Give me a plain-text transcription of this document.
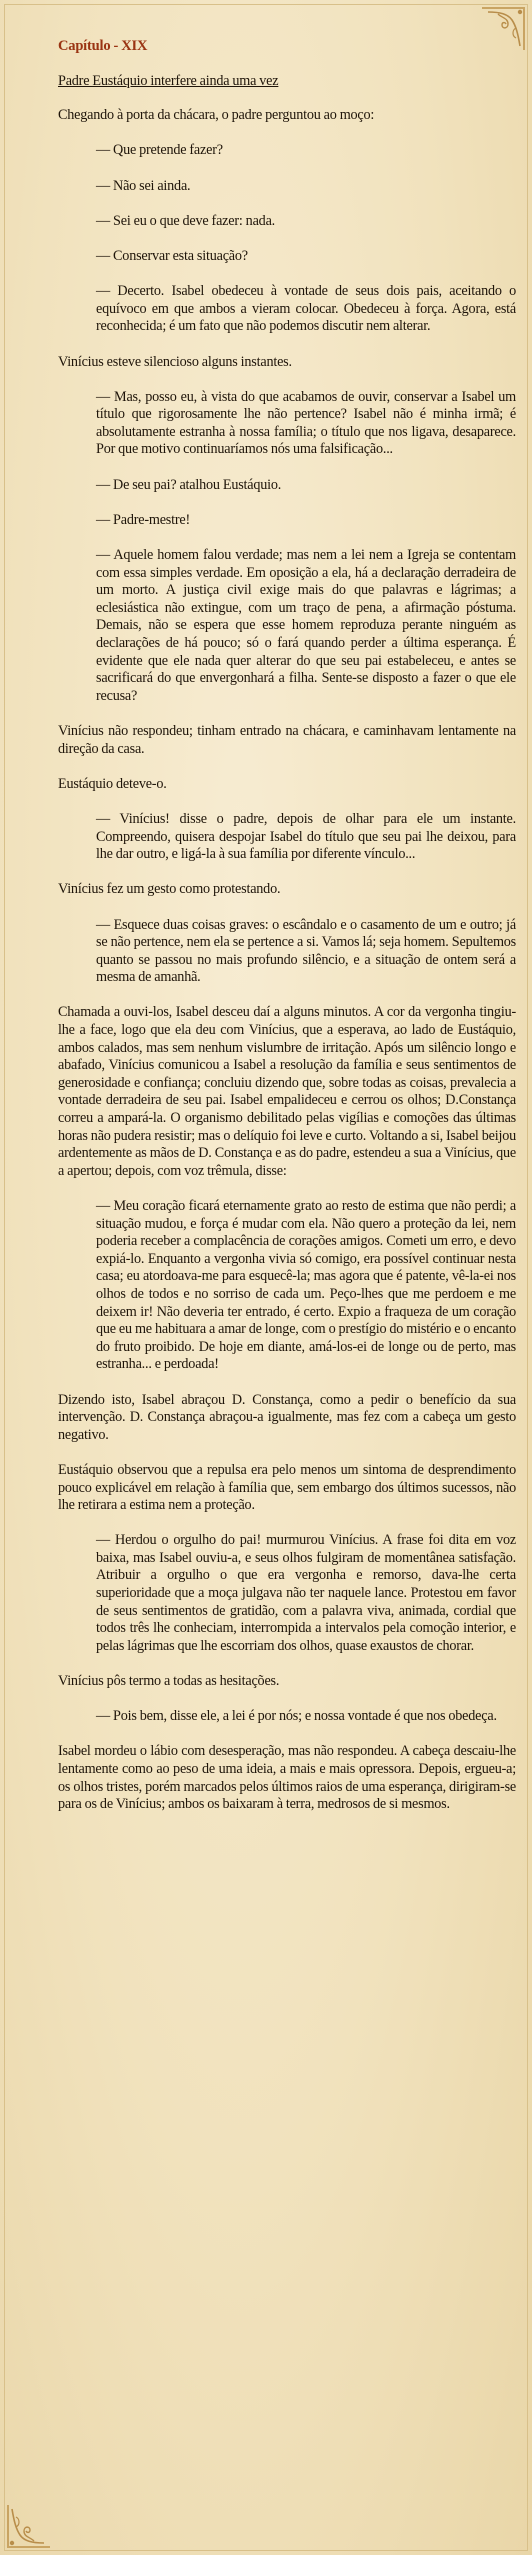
Capítulo - XIX
Padre Eustáquio interfere ainda uma vez

Chegando à porta da chácara, o padre perguntou ao moço:

— Que pretende fazer?

— Não sei ainda.

— Sei eu o que deve fazer: nada.

— Conservar esta situação?

— Decerto. Isabel obedeceu à vontade de seus dois pais, aceitando o equívoco em que ambos a vieram colocar. Obedeceu à força. Agora, está reconhecida; é um fato que não podemos discutir nem alterar.

Vinícius esteve silencioso alguns instantes.

— Mas, posso eu, à vista do que acabamos de ouvir, conservar a Isabel um título que rigorosamente lhe não pertence? Isabel não é minha irmã; é absolutamente estranha à nossa família; o título que nos ligava, desaparece. Por que motivo continuaríamos nós uma falsificação...

— De seu pai? atalhou Eustáquio.

— Padre-mestre!

— Aquele homem falou verdade; mas nem a lei nem a Igreja se contentam com essa simples verdade. Em oposição a ela, há a declaração derradeira de um morto. A justiça civil exige mais do que palavras e lágrimas; a eclesiástica não extingue, com um traço de pena, a afirmação póstuma. Demais, não se espera que esse homem reproduza perante ninguém as declarações de há pouco; só o fará quando perder a última esperança. É evidente que ele nada quer alterar do que seu pai estabeleceu, e antes se sacrificará do que envergonhará a filha. Sente-se disposto a fazer o que ele recusa?

Vinícius não respondeu; tinham entrado na chácara, e caminhavam lentamente na direção da casa.

Eustáquio deteve-o.

— Vinícius! disse o padre, depois de olhar para ele um instante. Compreendo, quisera despojar Isabel do título que seu pai lhe deixou, para lhe dar outro, e ligá-la à sua família por diferente vínculo...

Vinícius fez um gesto como protestando.

— Esquece duas coisas graves: o escândalo e o casamento de um e outro; já se não pertence, nem ela se pertence a si. Vamos lá; seja homem. Sepultemos quanto se passou no mais profundo silêncio, e a situação de ontem será a mesma de amanhã.

Chamada a ouvi-los, Isabel desceu daí a alguns minutos. A cor da vergonha tingiu-lhe a face, logo que ela deu com Vinícius, que a esperava, ao lado de Eustáquio, ambos calados, mas sem nenhum vislumbre de irritação. Após um silêncio longo e abafado, Vinícius comunicou a Isabel a resolução da família e seus sentimentos de generosidade e confiança; concluiu dizendo que, sobre todas as coisas, prevalecia a vontade derradeira de seu pai. Isabel empalideceu e cerrou os olhos; D.Constança correu a ampará-la. O organismo debilitado pelas vigílias e comoções das últimas horas não pudera resistir; mas o delíquio foi leve e curto. Voltando a si, Isabel beijou ardentemente as mãos de D. Constança e as do padre, estendeu a sua a Vinícius, que a apertou; depois, com voz trêmula, disse:

— Meu coração ficará eternamente grato ao resto de estima que não perdi; a situação mudou, e força é mudar com ela. Não quero a proteção da lei, nem poderia receber a complacência de corações amigos. Cometi um erro, e devo expiá-lo. Enquanto a vergonha vivia só comigo, era possível continuar nesta casa; eu atordoava-me para esquecê-la; mas agora que é patente, vê-la-ei nos olhos de todos e no sorriso de cada um. Peço-lhes que me perdoem e me deixem ir! Não deveria ter entrado, é certo. Expio a fraqueza de um coração que eu me habituara a amar de longe, com o prestígio do mistério e o encanto do fruto proibido. De hoje em diante, amá-los-ei de longe ou de perto, mas estranha... e perdoada!

Dizendo isto, Isabel abraçou D. Constança, como a pedir o benefício da sua intervenção. D. Constança abraçou-a igualmente, mas fez com a cabeça um gesto negativo.

Eustáquio observou que a repulsa era pelo menos um sintoma de desprendimento pouco explicável em relação à família que, sem embargo dos últimos sucessos, não lhe retirara a estima nem a proteção.

— Herdou o orgulho do pai! murmurou Vinícius. A frase foi dita em voz baixa, mas Isabel ouviu-a, e seus olhos fulgiram de momentânea satisfação. Atribuir a orgulho o que era vergonha e remorso, dava-lhe certa superioridade que a moça julgava não ter naquele lance. Protestou em favor de seus sentimentos de gratidão, com a palavra viva, animada, cordial que todos três lhe conheciam, interrompida a intervalos pela comoção interior, e pelas lágrimas que lhe escorriam dos olhos, quase exaustos de chorar.

Vinícius pôs termo a todas as hesitações.

— Pois bem, disse ele, a lei é por nós; e nossa vontade é que nos obedeça.

Isabel mordeu o lábio com desesperação, mas não respondeu. A cabeça descaiu-lhe lentamente como ao peso de uma ideia, a mais e mais opressora. Depois, ergueu-a; os olhos tristes, porém marcados pelos últimos raios de uma esperança, dirigiram-se para os de Vinícius; ambos os baixaram à terra, medrosos de si mesmos.
